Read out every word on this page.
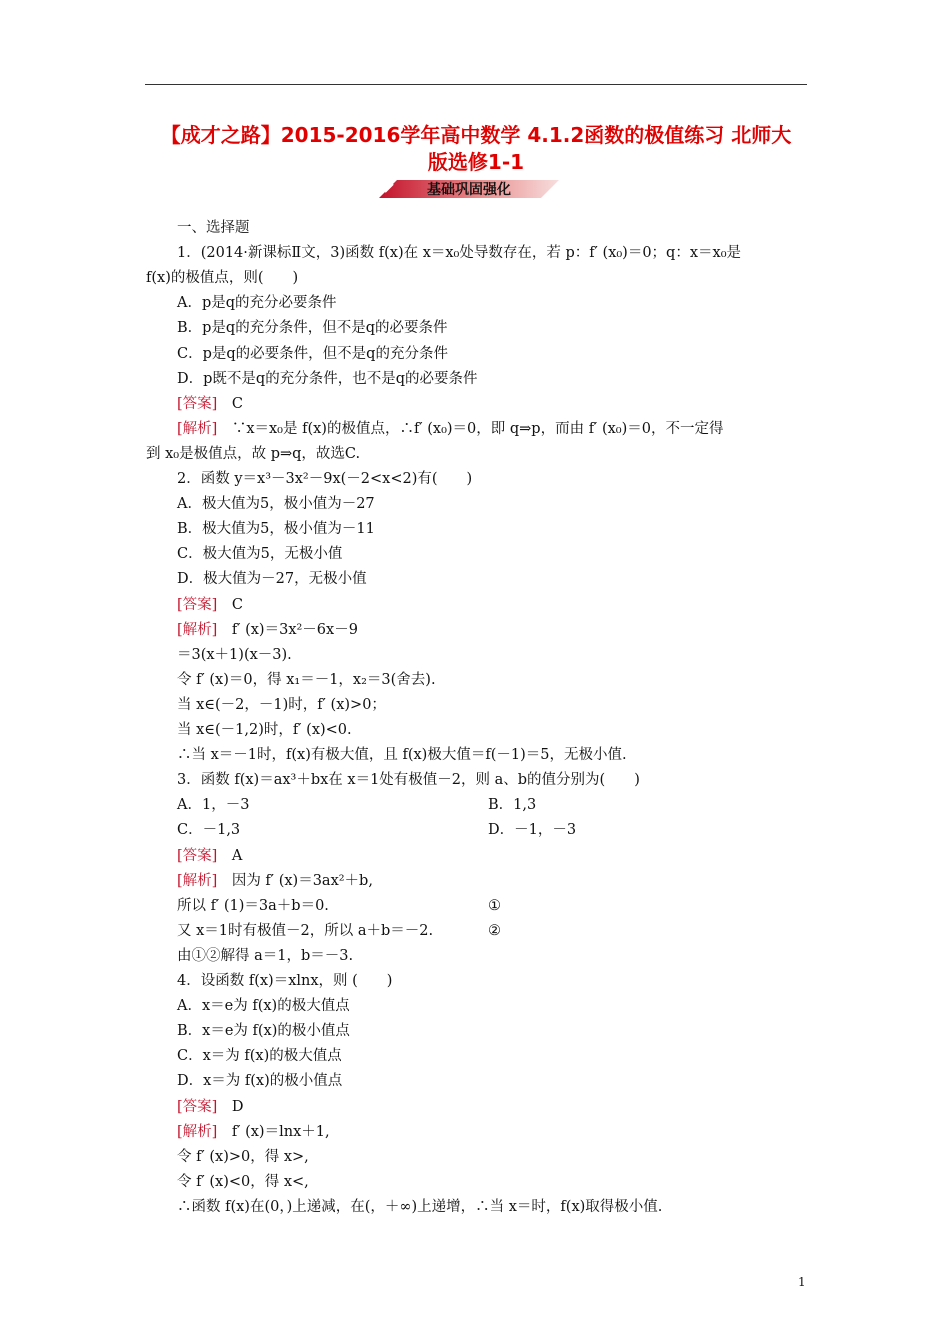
【成才之路】2015-2016学年高中数学 4.1.2函数的极值练习 北师大
版选修1-1
基础巩固强化
一、选择题
1．(2014·新课标Ⅱ文，3)函数 f(x)在 x＝x₀处导数存在，若 p：f′ (x₀)＝0；q：x＝x₀是
f(x)的极值点，则(　　)
A．p是q的充分必要条件
B．p是q的充分条件，但不是q的必要条件
C．p是q的必要条件，但不是q的充分条件
D．p既不是q的充分条件，也不是q的必要条件
[答案]　C
[解析]　∵x＝x₀是 f(x)的极值点，∴f′ (x₀)＝0，即 q⇒p，而由 f′ (x₀)＝0，不一定得
到 x₀是极值点，故 p⇒q，故选C.
2．函数 y＝x³－3x²－9x(－2<x<2)有(　　)
A．极大值为5，极小值为－27
B．极大值为5，极小值为－11
C．极大值为5，无极小值
D．极大值为－27，无极小值
[答案]　C
[解析]　f′ (x)＝3x²－6x－9
＝3(x＋1)(x－3).
令 f′ (x)＝0，得 x₁＝－1，x₂＝3(舍去).
当 x∈(－2，－1)时，f′ (x)>0；
当 x∈(－1,2)时，f′ (x)<0.
∴当 x＝－1时，f(x)有极大值，且 f(x)极大值＝f(－1)＝5，无极小值.
3．函数 f(x)＝ax³＋bx在 x＝1处有极值－2，则 a、b的值分别为(　　)
A．1，－3	B．1,3
C．－1,3	D．－1，－3
[答案]　A
[解析]　因为 f′ (x)＝3ax²＋b,
所以 f′ (1)＝3a＋b＝0.	①
又 x＝1时有极值－2，所以 a＋b＝－2.	②
由①②解得 a＝1，b＝－3.
4．设函数 f(x)＝xlnx，则 (　　)
A．x＝e为 f(x)的极大值点
B．x＝e为 f(x)的极小值点
C．x＝为 f(x)的极大值点
D．x＝为 f(x)的极小值点
[答案]　D
[解析]　f′ (x)＝lnx＋1,
令 f′ (x)>0，得 x>,
令 f′ (x)<0，得 x<,
∴函数 f(x)在(0，)上递减，在(，＋∞)上递增，∴当 x＝时，f(x)取得极小值.
1
